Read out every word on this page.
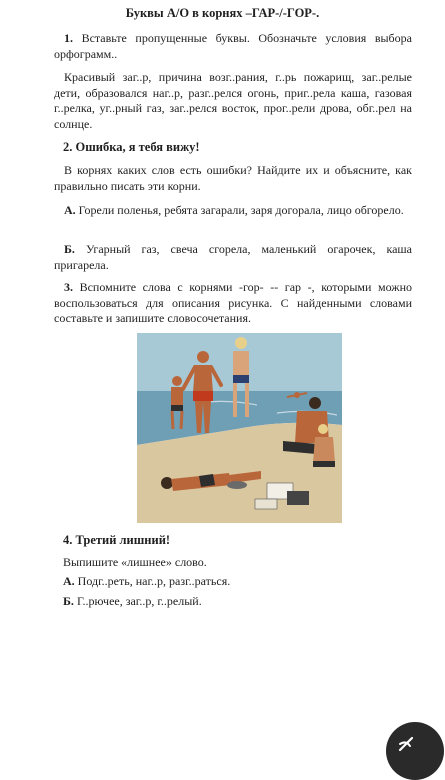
Буквы А/О в корнях –ГАР-/-ГОР-.

1. Вставьте пропущенные буквы. Обозначьте условия выбора орфограмм..

Красивый заг..р, причина возг..рания, г..рь пожарищ, заг..релые дети, образовался наг..р, разг..релся огонь, приг..рела каша, газовая г..релка, уг..рный газ, заг..релся восток, прог..рели дрова, обг..рел на солнце.

2. Ошибка, я тебя вижу!

В корнях каких слов есть ошибки? Найдите их и объясните, как правильно писать эти корни.

А. Горели поленья, ребята загарали, заря догорала, лицо обгорело.

Б. Угарный газ, свеча сгорела, маленький огарочек, каша пригарела.

3. Вспомните слова с корнями -гор- -- гар -, которыми можно воспользоваться для описания рисунка. С найденными словами составьте и запишите словосочетания.

4. Третий лишний!

Выпишите «лишнее» слово.

А. Подг..реть, наг..р, разг..раться.

Б. Г..рючее, заг..р, г..релый.
